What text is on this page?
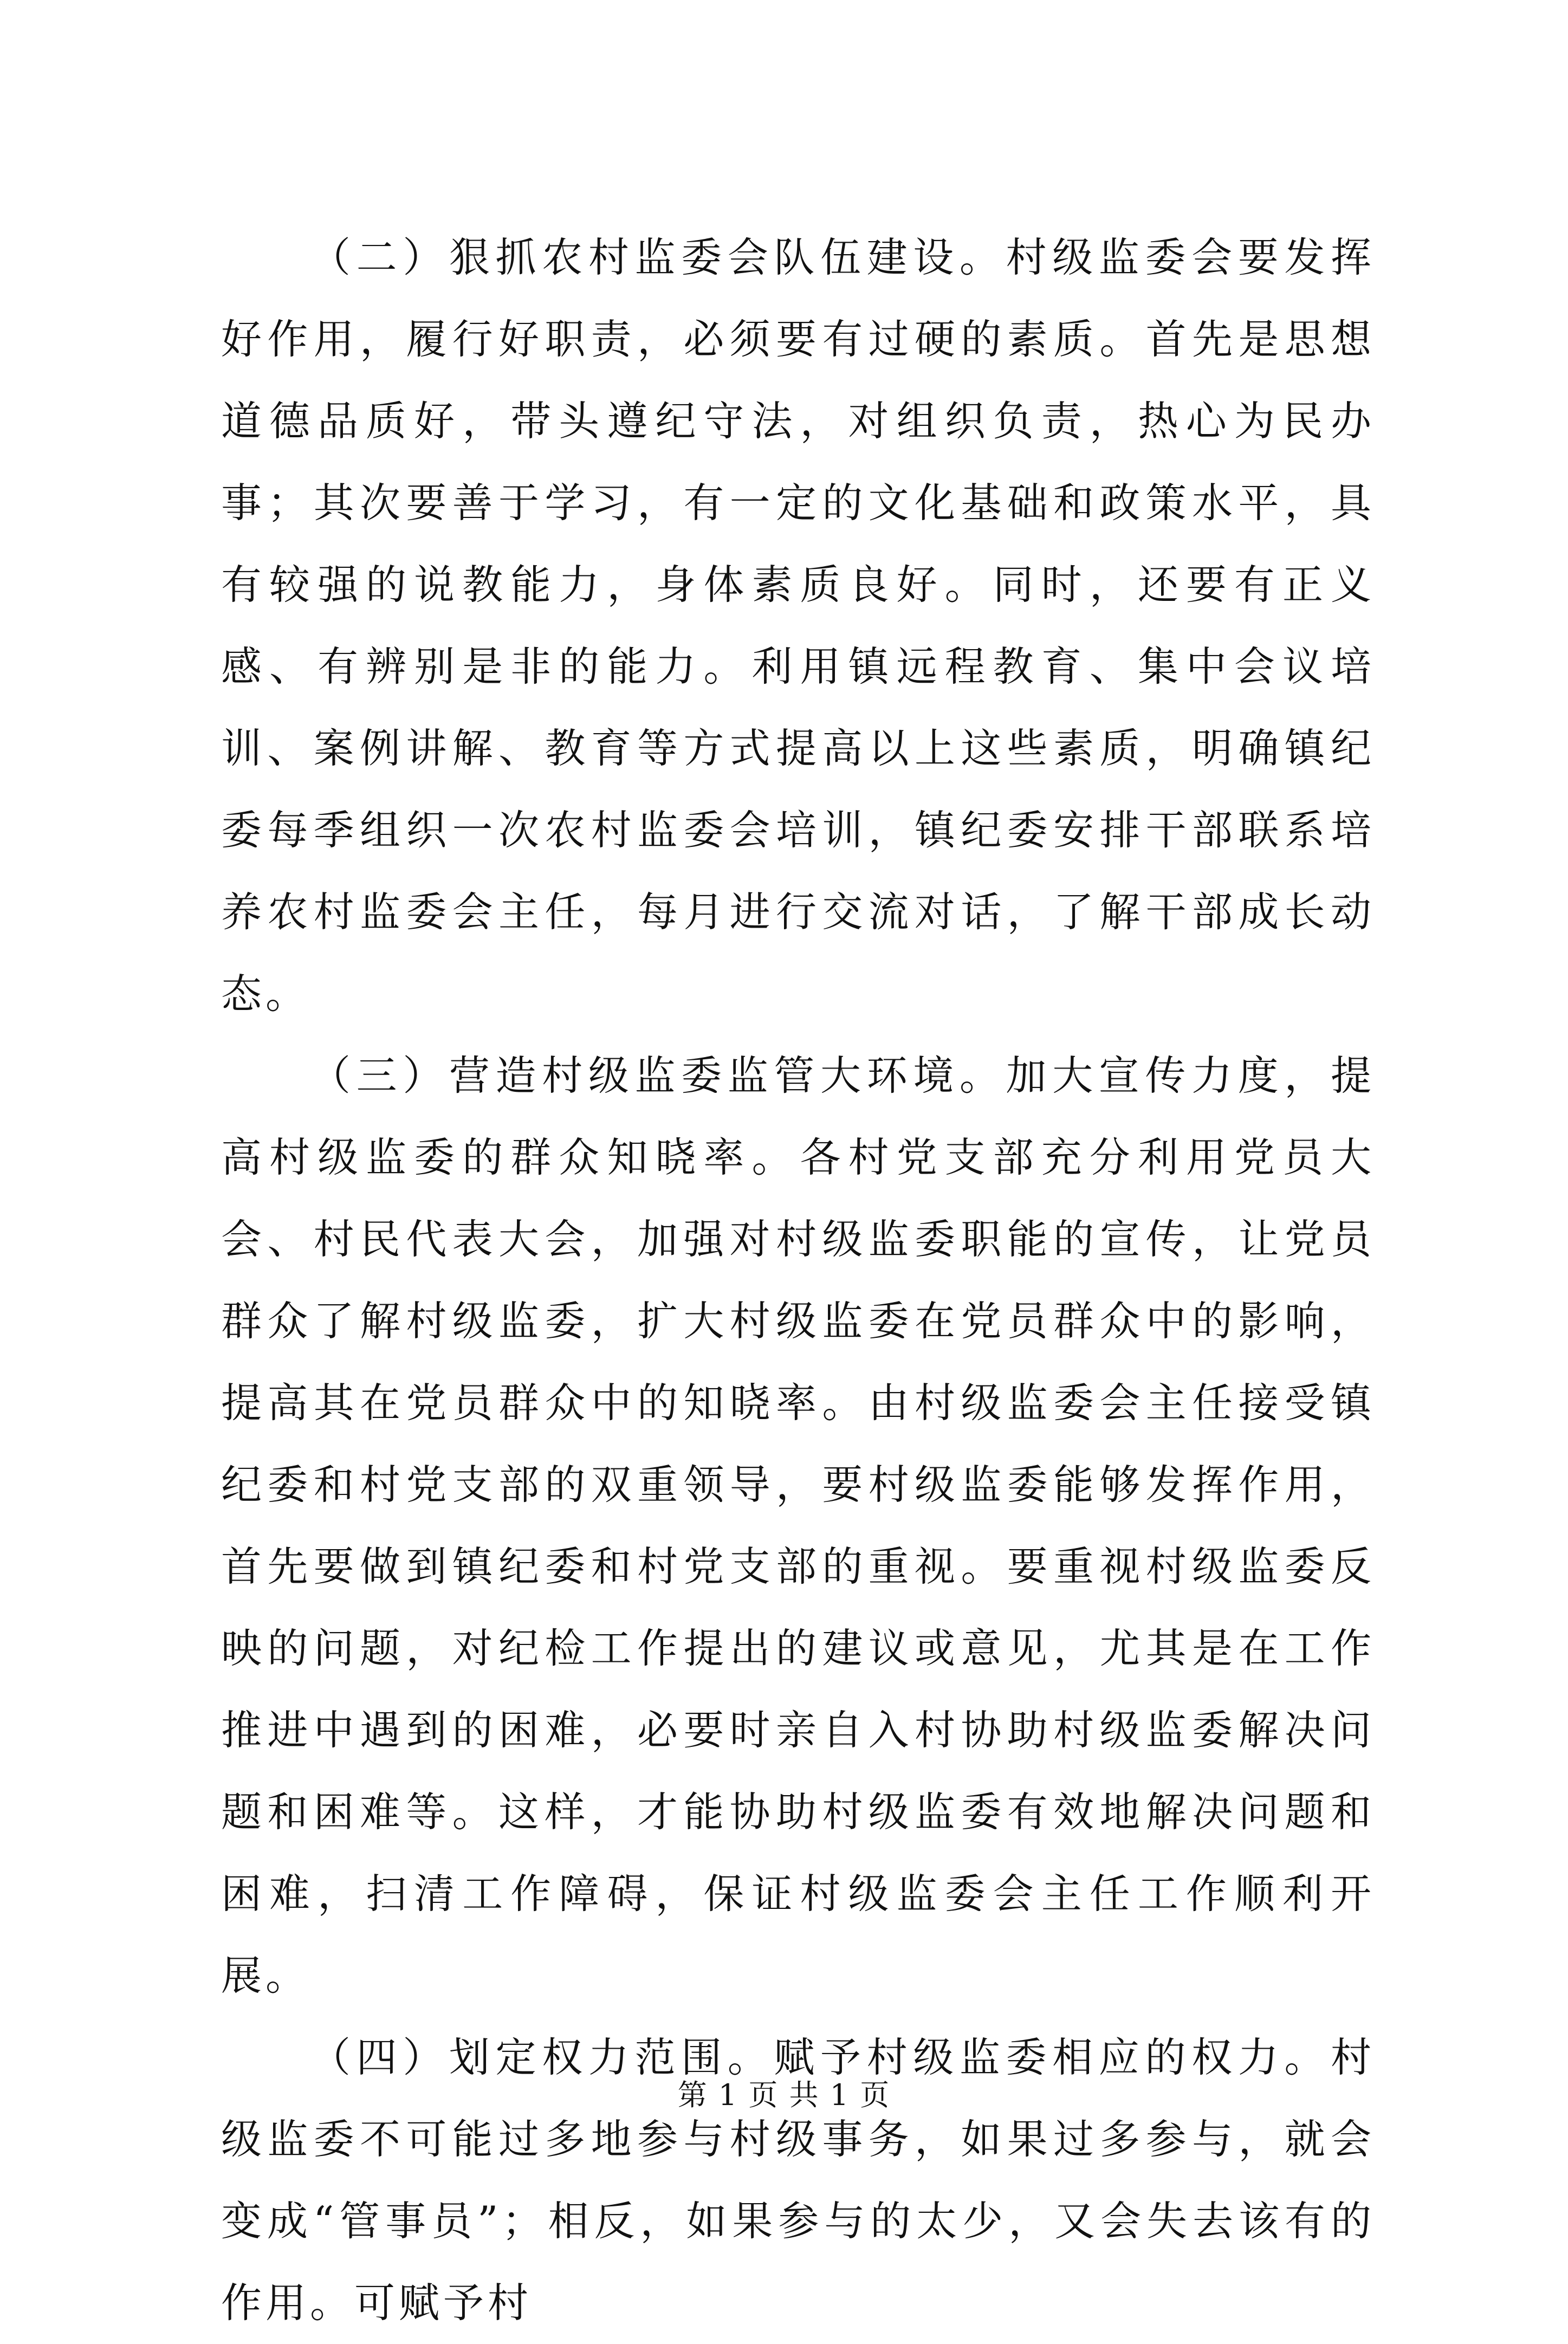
（二）狠抓农村监委会队伍建设。村级监委会要发挥好作用，履行好职责，必须要有过硬的素质。首先是思想道德品质好，带头遵纪守法，对组织负责，热心为民办事；其次要善于学习，有一定的文化基础和政策水平，具有较强的说教能力，身体素质良好。同时，还要有正义感、有辨别是非的能力。利用镇远程教育、集中会议培训、案例讲解、教育等方式提高以上这些素质，明确镇纪委每季组织一次农村监委会培训，镇纪委安排干部联系培养农村监委会主任，每月进行交流对话，了解干部成长动态。

（三）营造村级监委监管大环境。加大宣传力度，提高村级监委的群众知晓率。各村党支部充分利用党员大会、村民代表大会，加强对村级监委职能的宣传，让党员群众了解村级监委，扩大村级监委在党员群众中的影响，提高其在党员群众中的知晓率。由村级监委会主任接受镇纪委和村党支部的双重领导，要村级监委能够发挥作用，首先要做到镇纪委和村党支部的重视。要重视村级监委反映的问题，对纪检工作提出的建议或意见，尤其是在工作推进中遇到的困难，必要时亲自入村协助村级监委解决问题和困难等。这样，才能协助村级监委有效地解决问题和困难，扫清工作障碍，保证村级监委会主任工作顺利开展。

（四）划定权力范围。赋予村级监委相应的权力。村级监委不可能过多地参与村级事务，如果过多参与，就会变成“管事员”；相反，如果参与的太少，又会失去该有的作用。可赋予村

第 1 页 共 1 页
